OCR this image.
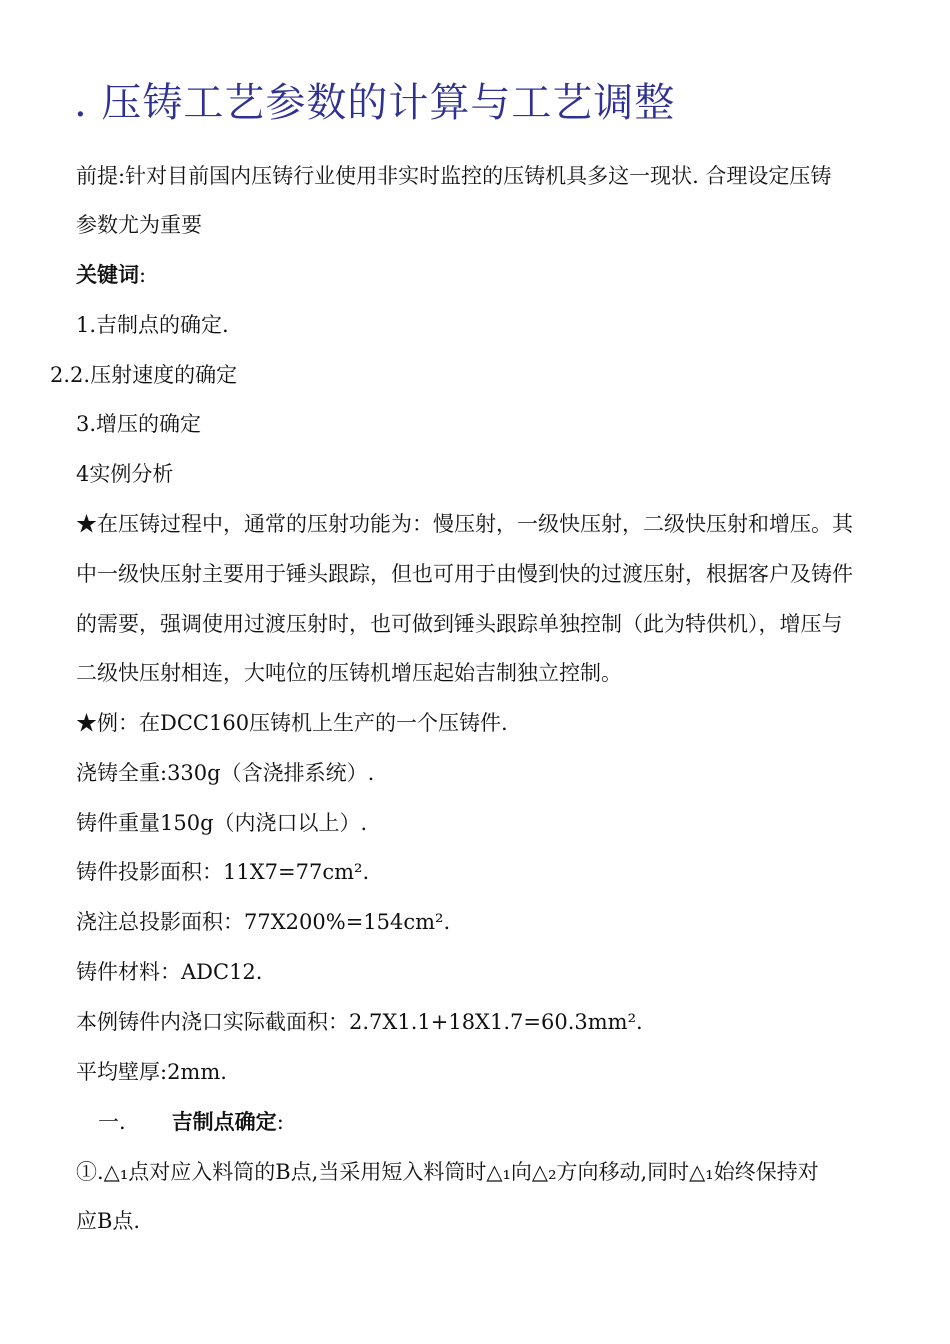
. 压铸工艺参数的计算与工艺调整
前提:针对目前国内压铸行业使用非实时监控的压铸机具多这一现状. 合理设定压铸
参数尤为重要
关键词:
1.吉制点的确定.
2.2.压射速度的确定
3.增压的确定
4实例分析
★在压铸过程中，通常的压射功能为：慢压射，一级快压射，二级快压射和增压。其
中一级快压射主要用于锤头跟踪，但也可用于由慢到快的过渡压射，根据客户及铸件
的需要，强调使用过渡压射时，也可做到锤头跟踪单独控制（此为特供机），增压与
二级快压射相连，大吨位的压铸机增压起始吉制独立控制。
★例：在DCC160压铸机上生产的一个压铸件.
浇铸全重:330g（含浇排系统）.
铸件重量150g（内浇口以上）.
铸件投影面积：11X7=77cm².
浇注总投影面积：77X200%=154cm².
铸件材料：ADC12.
本例铸件内浇口实际截面积：2.7X1.1+18X1.7=60.3mm².
平均壁厚:2mm.
一. 吉制点确定:
①.△₁点对应入料筒的B点,当采用短入料筒时△₁向△₂方向移动,同时△₁始终保持对
应B点.
